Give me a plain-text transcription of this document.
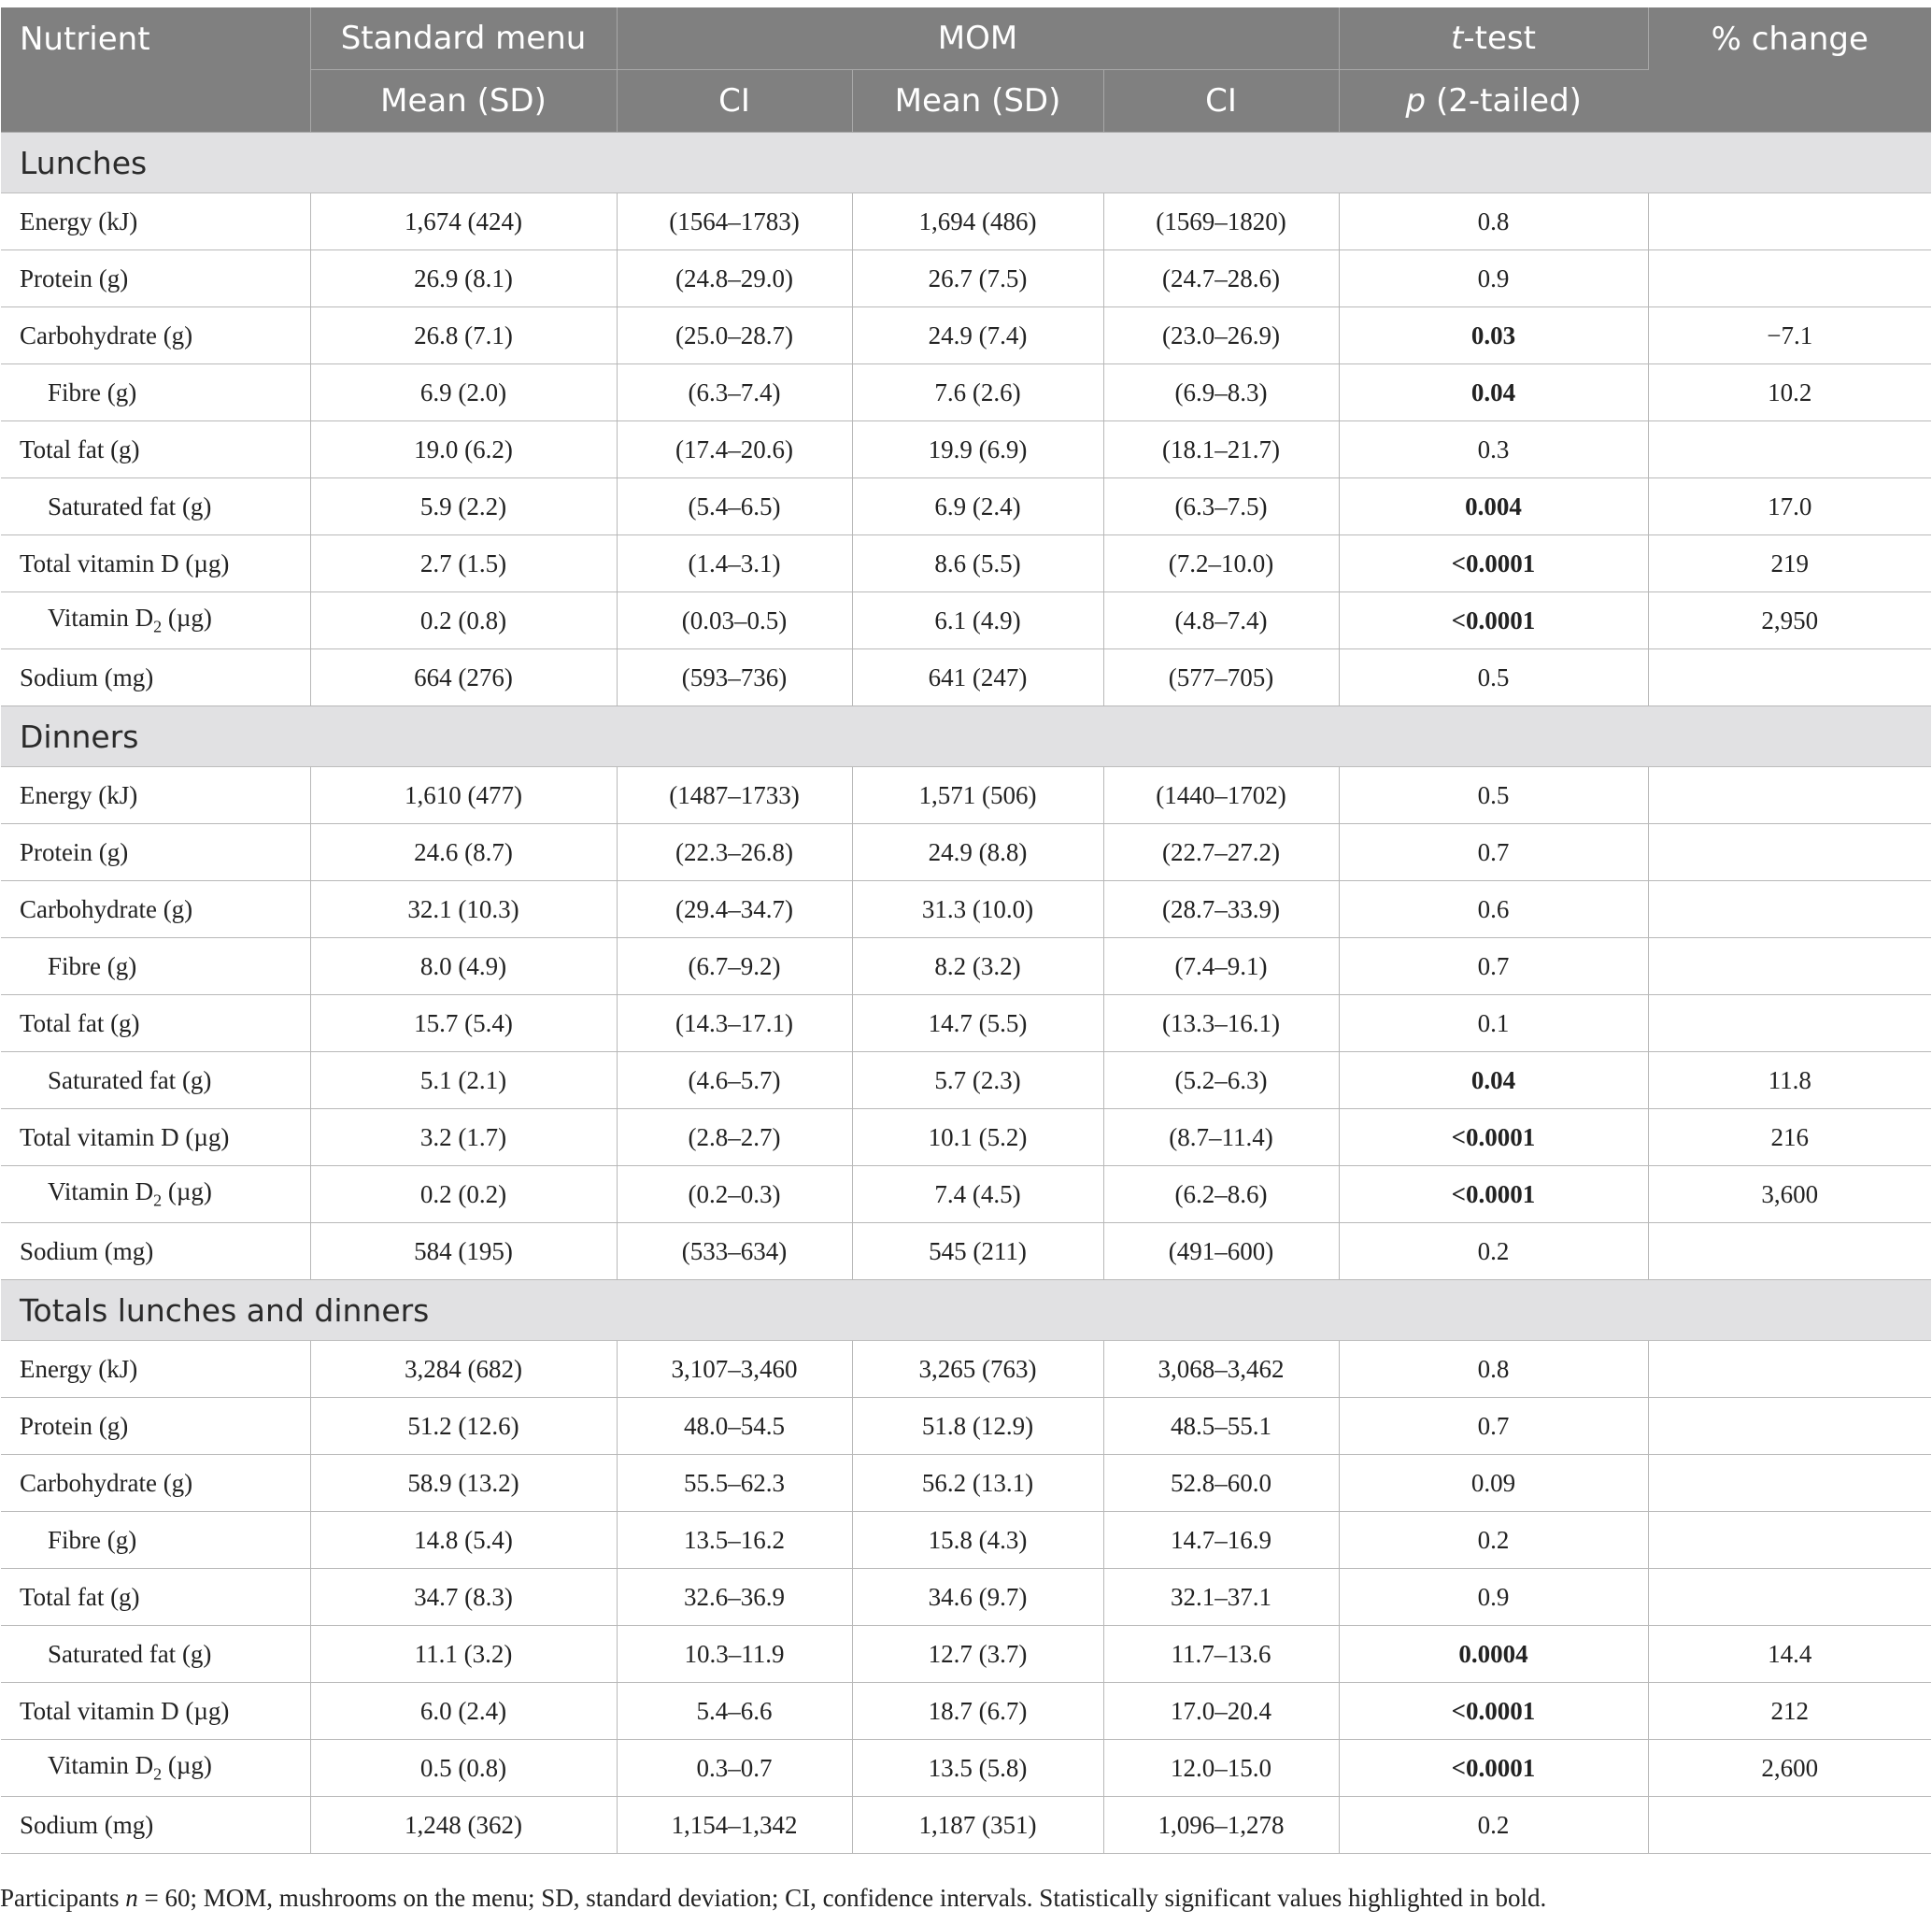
Nutrient	Standard menu	MOM			t-test	% change
	Mean (SD)	CI	Mean (SD)	CI	p (2-tailed)	
Lunches						
Energy (kJ)	1,674 (424)	(1564–1783)	1,694 (486)	(1569–1820)	0.8	
Protein (g)	26.9 (8.1)	(24.8–29.0)	26.7 (7.5)	(24.7–28.6)	0.9	
Carbohydrate (g)	26.8 (7.1)	(25.0–28.7)	24.9 (7.4)	(23.0–26.9)	0.03	−7.1
Fibre (g)	6.9 (2.0)	(6.3–7.4)	7.6 (2.6)	(6.9–8.3)	0.04	10.2
Total fat (g)	19.0 (6.2)	(17.4–20.6)	19.9 (6.9)	(18.1–21.7)	0.3	
Saturated fat (g)	5.9 (2.2)	(5.4–6.5)	6.9 (2.4)	(6.3–7.5)	0.004	17.0
Total vitamin D (µg)	2.7 (1.5)	(1.4–3.1)	8.6 (5.5)	(7.2–10.0)	<0.0001	219
Vitamin $D_2$ (µg)	0.2 (0.8)	(0.03–0.5)	6.1 (4.9)	(4.8–7.4)	<0.0001	2,950
Sodium (mg)	664 (276)	(593–736)	641 (247)	(577–705)	0.5	
Dinners						
Energy (kJ)	1,610 (477)	(1487–1733)	1,571 (506)	(1440–1702)	0.5	
Protein (g)	24.6 (8.7)	(22.3–26.8)	24.9 (8.8)	(22.7–27.2)	0.7	
Carbohydrate (g)	32.1 (10.3)	(29.4–34.7)	31.3 (10.0)	(28.7–33.9)	0.6	
Fibre (g)	8.0 (4.9)	(6.7–9.2)	8.2 (3.2)	(7.4–9.1)	0.7	
Total fat (g)	15.7 (5.4)	(14.3–17.1)	14.7 (5.5)	(13.3–16.1)	0.1	
Saturated fat (g)	5.1 (2.1)	(4.6–5.7)	5.7 (2.3)	(5.2–6.3)	0.04	11.8
Total vitamin D (µg)	3.2 (1.7)	(2.8–2.7)	10.1 (5.2)	(8.7–11.4)	<0.0001	216
Vitamin $D_2$ (µg)	0.2 (0.2)	(0.2–0.3)	7.4 (4.5)	(6.2–8.6)	<0.0001	3,600
Sodium (mg)	584 (195)	(533–634)	545 (211)	(491–600)	0.2	
Totals lunches and dinners						
Energy (kJ)	3,284 (682)	3,107–3,460	3,265 (763)	3,068–3,462	0.8	
Protein (g)	51.2 (12.6)	48.0–54.5	51.8 (12.9)	48.5–55.1	0.7	
Carbohydrate (g)	58.9 (13.2)	55.5–62.3	56.2 (13.1)	52.8–60.0	0.09	
Fibre (g)	14.8 (5.4)	13.5–16.2	15.8 (4.3)	14.7–16.9	0.2	
Total fat (g)	34.7 (8.3)	32.6–36.9	34.6 (9.7)	32.1–37.1	0.9	
Saturated fat (g)	11.1 (3.2)	10.3–11.9	12.7 (3.7)	11.7–13.6	0.0004	14.4
Total vitamin D (µg)	6.0 (2.4)	5.4–6.6	18.7 (6.7)	17.0–20.4	<0.0001	212
Vitamin $D_2$ (µg)	0.5 (0.8)	0.3–0.7	13.5 (5.8)	12.0–15.0	<0.0001	2,600
Sodium (mg)	1,248 (362)	1,154–1,342	1,187 (351)	1,096–1,278	0.2	
Participants n = 60; MOM, mushrooms on the menu; SD, standard deviation; CI, confidence intervals. Statistically significant values highlighted in bold.
